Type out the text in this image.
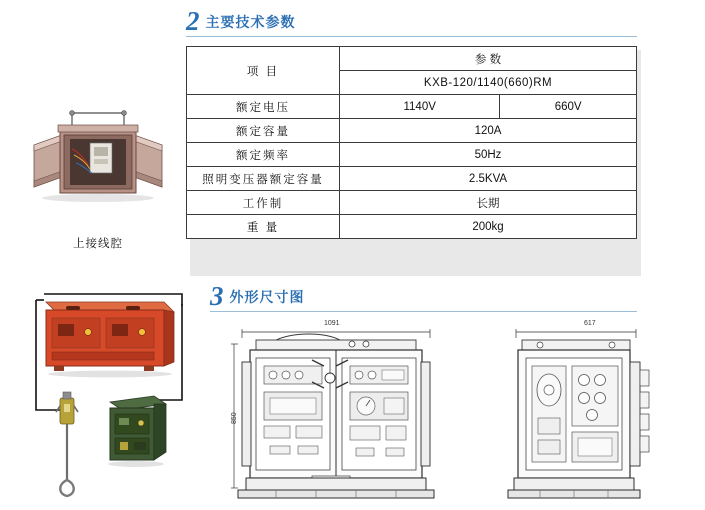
2 主要技术参数
上接线腔
项 目	参 数	
	KXB-120/1140(660)RM	
额定电压	1140V	660V
额定容量	120A	
额定频率	50Hz	
照明变压器额定容量	2.5KVA	
工作制	长期	
重 量	200kg	
3 外形尺寸图
1091
850
617
